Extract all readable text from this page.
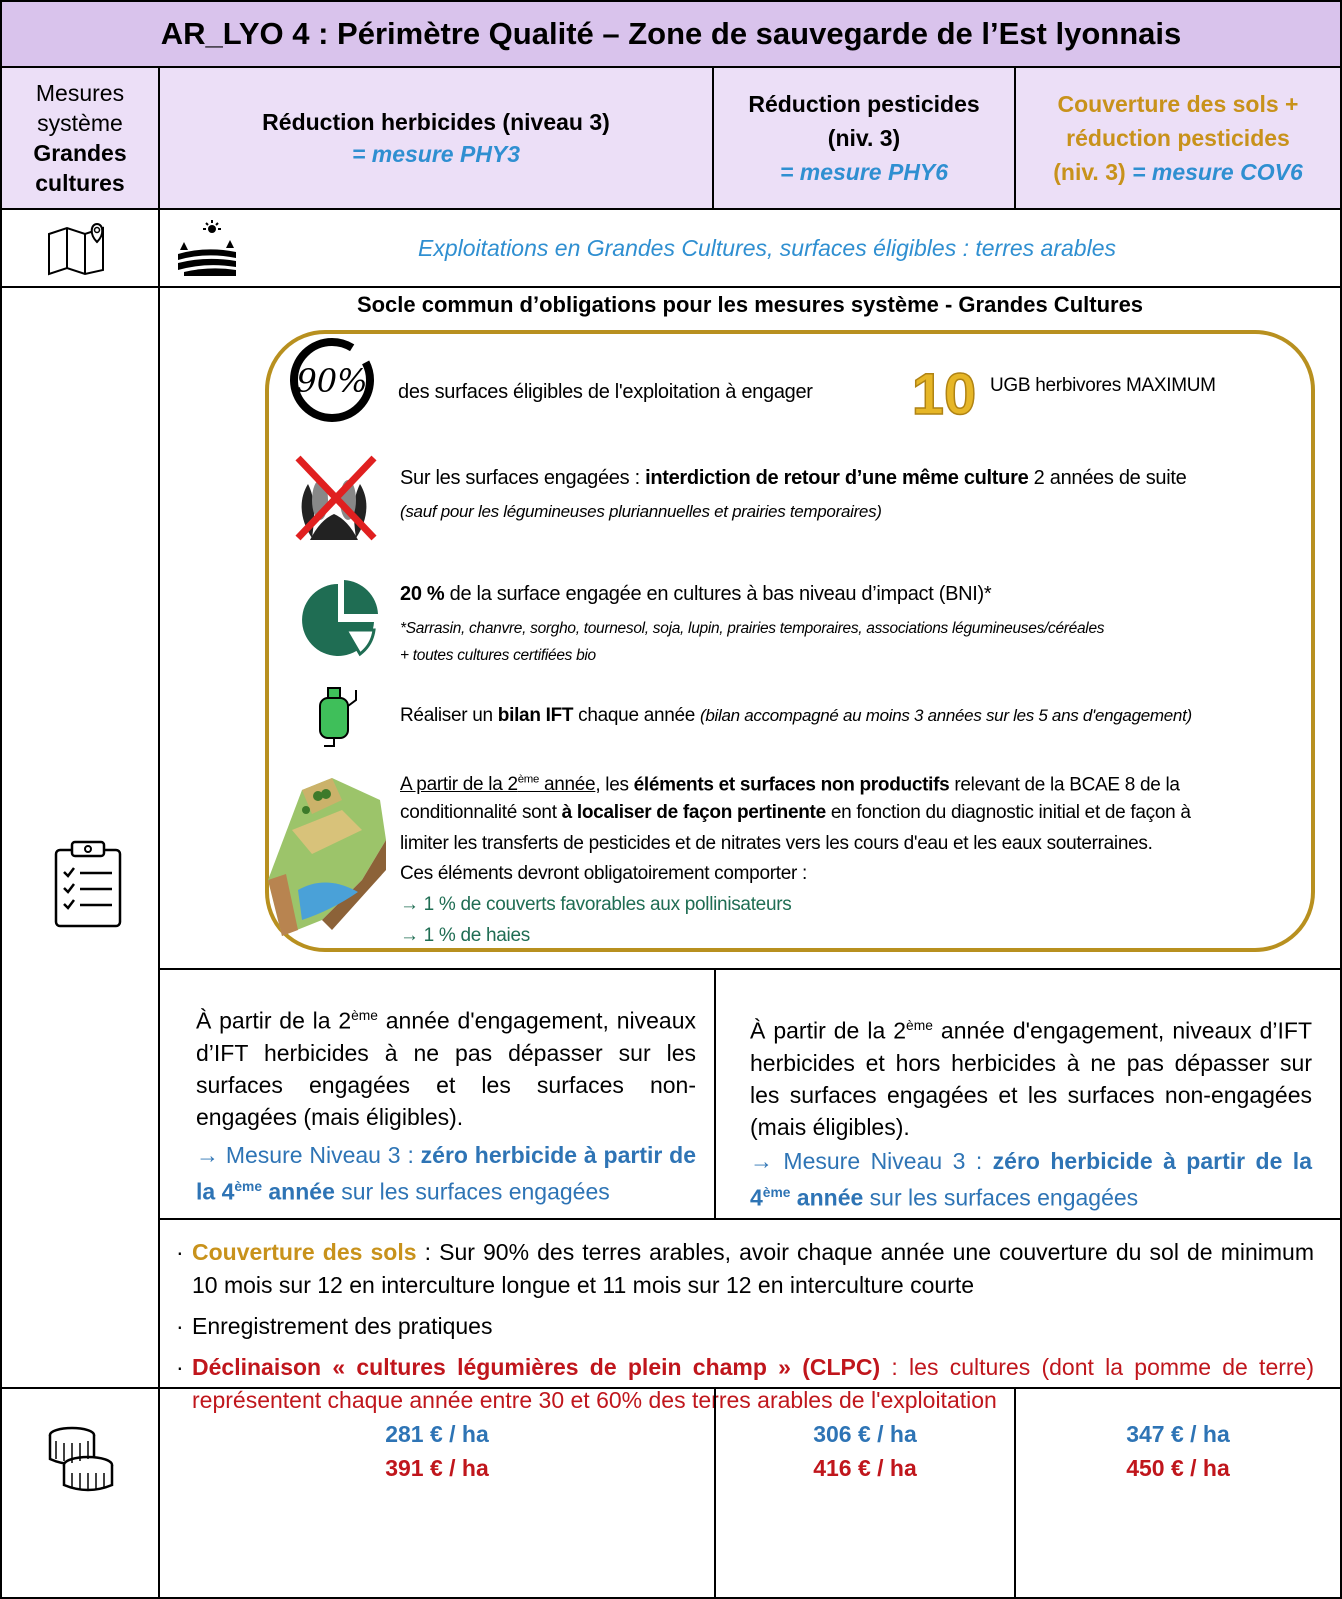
AR_LYO 4 : Périmètre Qualité – Zone de sauvegarde de l’Est lyonnais
Mesures
système
Grandes
cultures
Réduction herbicides (niveau 3)
= mesure PHY3
Réduction pesticides
(niv. 3)
= mesure PHY6
Couverture des sols +
réduction pesticides
(niv. 3) = mesure COV6
Exploitations en Grandes Cultures, surfaces éligibles : terres arables
Socle commun d’obligations pour les mesures système - Grandes Cultures
90% des surfaces éligibles de l'exploitation à engager 10 UGB herbivores MAXIMUM
Sur les surfaces engagées : interdiction de retour d’une même culture 2 années de suite
(sauf pour les légumineuses pluriannuelles et prairies temporaires)
20 % de la surface engagée en cultures à bas niveau d’impact (BNI)*
*Sarrasin, chanvre, sorgho, tournesol, soja, lupin, prairies temporaires, associations légumineuses/céréales
+ toutes cultures certifiées bio
Réaliser un bilan IFT chaque année (bilan accompagné au moins 3 années sur les 5 ans d'engagement)
A partir de la 2ème année, les éléments et surfaces non productifs relevant de la BCAE 8 de la
conditionnalité sont à localiser de façon pertinente en fonction du diagnostic initial et de façon à
limiter les transferts de pesticides et de nitrates vers les cours d'eau et les eaux souterraines.
Ces éléments devront obligatoirement comporter :
→ 1 % de couverts favorables aux pollinisateurs
→ 1 % de haies
À partir de la 2ème année d'engagement, niveaux d’IFT herbicides à ne pas dépasser sur les surfaces engagées et les surfaces non-engagées (mais éligibles).
→ Mesure Niveau 3 : zéro herbicide à partir de la 4ème année sur les surfaces engagées
À partir de la 2ème année d'engagement, niveaux d’IFT herbicides et hors herbicides à ne pas dépasser sur les surfaces engagées et les surfaces non-engagées (mais éligibles).
→ Mesure Niveau 3 : zéro herbicide à partir de la 4ème année sur les surfaces engagées
· Couverture des sols : Sur 90% des terres arables, avoir chaque année une couverture du sol de minimum 10 mois sur 12 en interculture longue et 11 mois sur 12 en interculture courte
· Enregistrement des pratiques
· Déclinaison « cultures légumières de plein champ » (CLPC) : les cultures (dont la pomme de terre) représentent chaque année entre 30 et 60% des terres arables de l'exploitation
281 € / ha
391 € / ha
306 € / ha
416 € / ha
347 € / ha
450 € / ha
